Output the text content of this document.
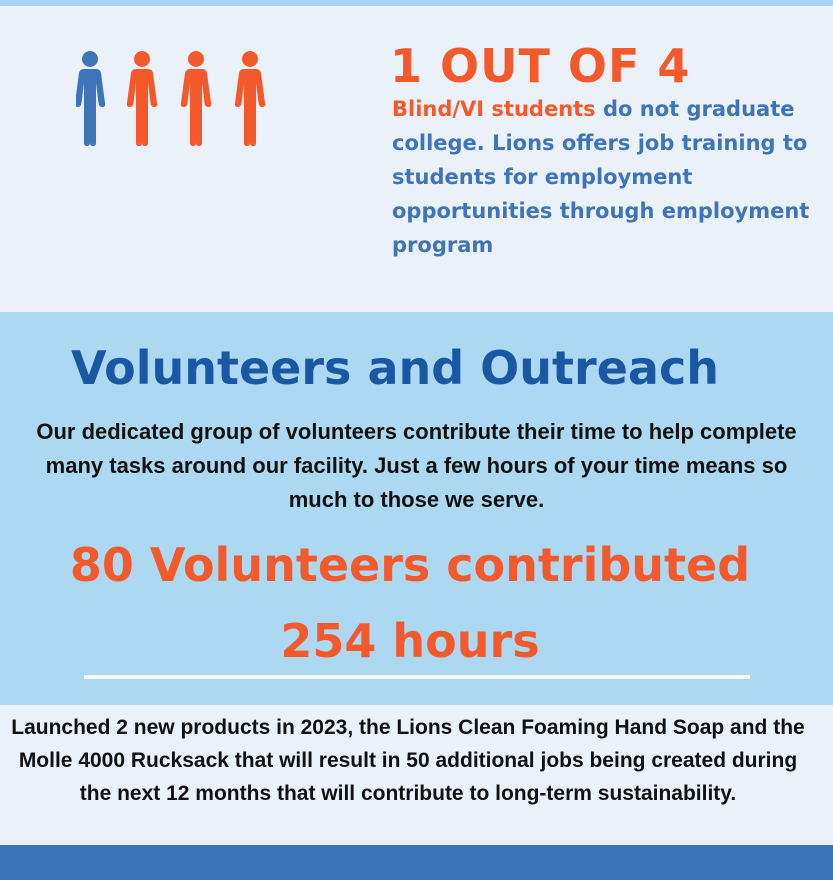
1 OUT OF 4

Blind/VI students do not graduate college. Lions offers job training to students for employment opportunities through employment program

Volunteers and Outreach

Our dedicated group of volunteers contribute their time to help complete many tasks around our facility. Just a few hours of your time means so much to those we serve.

80 Volunteers contributed
254 hours

Launched 2 new products in 2023, the Lions Clean Foaming Hand Soap and the Molle 4000 Rucksack that will result in 50 additional jobs being created during the next 12 months that will contribute to long-term sustainability.
